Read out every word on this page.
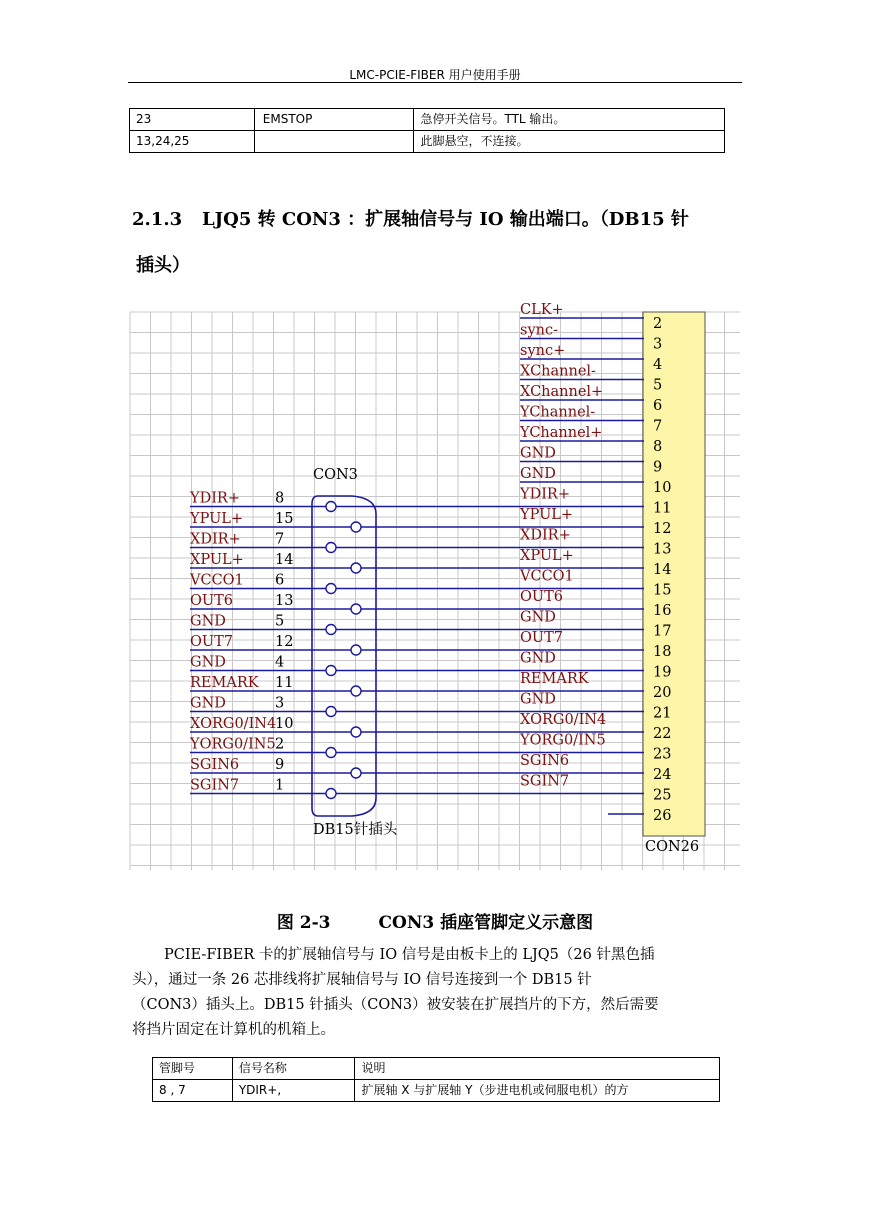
LMC-PCIE-FIBER 用户使用手册
23	EMSTOP	急停开关信号。TTL 输出。
13,24,25		此脚悬空，不连接。
2.1.3 LJQ5 转 CON3 ：扩展轴信号与 IO 输出端口。（DB15 针
插头）
YDIR+ 8
YPUL+ 15
XDIR+ 7
XPUL+ 14
VCCO1 6
OUT6	13
GND	5
OUT7	12
GND	4
REMARK 11
GND	3
XORG0/IN4
10
YORG0/IN5 2
SGIN6 9
SGIN7 1
CLK+
sync-
sync+
XChannel-
XChannel+
YChannel-
YChannel+
GND
GND
YDIR+
YPUL+
XDIR+
XPUL+
VCCO1
OUT6
GND
OUT7
GND
REMARK
GND
XORG0/IN4
YORG0/IN5
SGIN6
SGIN7
2
3
4
5
6
7
8
9
10
11
12
13
14
15
16
17
18
19
20
21
22
23
24
25
26
CON3
DB15针插头
CON26
图 2-3	CON3 插座管脚定义示意图
PCIE-FIBER 卡的扩展轴信号与 IO 信号是由板卡上的 LJQ5（26 针黑色插
头），通过一条 26 芯排线将扩展轴信号与 IO 信号连接到一个 DB15 针
（CON3）插头上。DB15 针插头（CON3）被安装在扩展挡片的下方，然后需要
将挡片固定在计算机的机箱上。
管脚号	信号名称	说明
8 , 7	YDIR+,	扩展轴 X 与扩展轴 Y（步进电机或伺服电机）的方
